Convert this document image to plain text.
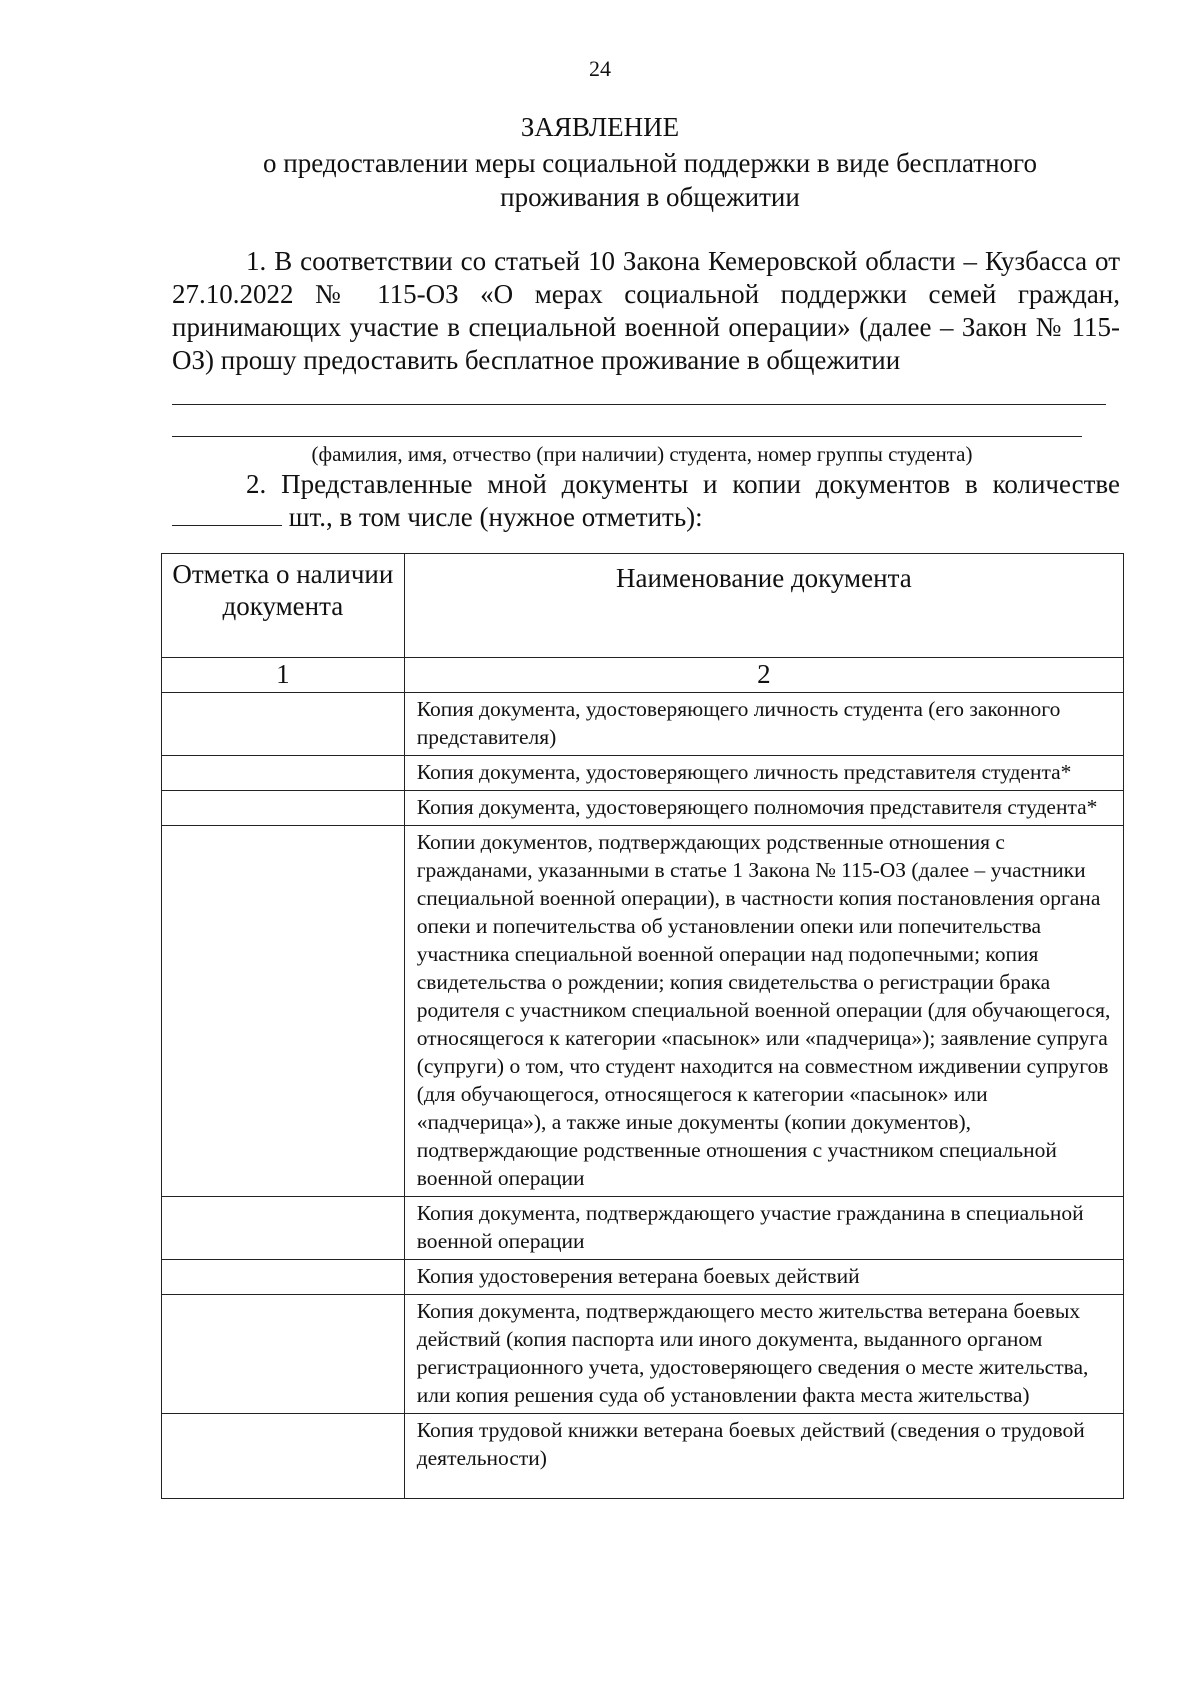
24
ЗАЯВЛЕНИЕ
о предоставлении меры социальной поддержки в виде бесплатного
проживания в общежитии
1. В соответствии со статьей 10 Закона Кемеровской области – Кузбасса от 27.10.2022 № 115-ОЗ «О мерах социальной поддержки семей граждан, принимающих участие в специальной военной операции» (далее – Закон № 115-ОЗ) прошу предоставить бесплатное проживание в общежитии
(фамилия, имя, отчество (при наличии) студента, номер группы студента)
2. Представленные мной документы и копии документов в количестве  шт., в том числе (нужное отметить):
Отметка о наличии документа	Наименование документа
1	2
	Копия документа, удостоверяющего личность студента (его законного представителя)
	Копия документа, удостоверяющего личность представителя студента*
	Копия документа, удостоверяющего полномочия представителя студента*
	Копии документов, подтверждающих родственные отношения с гражданами, указанными в статье 1 Закона № 115-ОЗ (далее – участники специальной военной операции), в частности копия постановления органа опеки и попечительства об установлении опеки или попечительства участника специальной военной операции над подопечными; копия свидетельства о рождении; копия свидетельства о регистрации брака родителя с участником специальной военной операции (для обучающегося, относящегося к категории «пасынок» или «падчерица»); заявление супруга (супруги) о том, что студент находится на совместном иждивении супругов (для обучающегося, относящегося к категории «пасынок» или «падчерица»), а также иные документы (копии документов), подтверждающие родственные отношения с участником специальной военной операции
	Копия документа, подтверждающего участие гражданина в специальной военной операции
	Копия удостоверения ветерана боевых действий
	Копия документа, подтверждающего место жительства ветерана боевых действий (копия паспорта или иного документа, выданного органом регистрационного учета, удостоверяющего сведения о месте жительства, или копия решения суда об установлении факта места жительства)
	Копия трудовой книжки ветерана боевых действий (сведения о трудовой деятельности)
